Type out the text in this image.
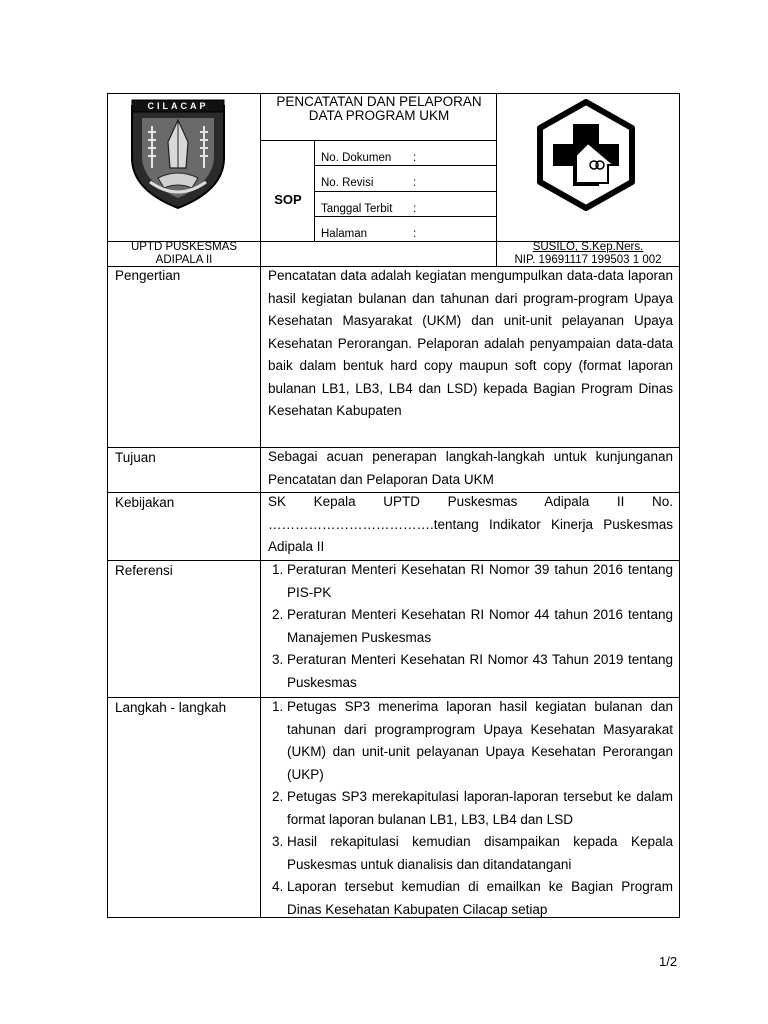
CILACAP	PENCATATAN DAN PELAPORAN DATA PROGRAM UKM
SOP
No. Dokumen :
No. Revisi	:
Tanggal Terbit :
Halaman	:
UPTD PUSKESMAS
ADIPALA II
SUSILO, S.Kep.Ners.
NIP. 19691117 199503 1 002
Pengertian	Pencatatan data adalah kegiatan mengumpulkan data-data laporan hasil kegiatan bulanan dan tahunan dari program-program Upaya Kesehatan Masyarakat (UKM) dan unit-unit pelayanan Upaya Kesehatan Perorangan. Pelaporan adalah penyampaian data-data baik dalam bentuk hard copy maupun soft copy (format laporan bulanan LB1, LB3, LB4 dan LSD) kepada Bagian Program Dinas Kesehatan Kabupaten

Tujuan	Sebagai acuan penerapan langkah-langkah untuk kunjunganan Pencatatan dan Pelaporan Data UKM

Kebijakan	SK Kepala UPTD Puskesmas Adipala II No. ……………………………….tentang Indikator Kinerja Puskesmas Adipala II

Referensi	1. Peraturan Menteri Kesehatan RI Nomor 39 tahun 2016 tentang PIS-PK
2. Peraturan Menteri Kesehatan RI Nomor 44 tahun 2016 tentang Manajemen Puskesmas
3. Peraturan Menteri Kesehatan RI Nomor 43 Tahun 2019 tentang Puskesmas
Langkah - langkah	1. Petugas SP3 menerima laporan hasil kegiatan bulanan dan tahunan dari programprogram Upaya Kesehatan Masyarakat (UKM) dan unit-unit pelayanan Upaya Kesehatan Perorangan (UKP)
2. Petugas SP3 merekapitulasi laporan-laporan tersebut ke dalam format laporan bulanan LB1, LB3, LB4 dan LSD
3. Hasil rekapitulasi kemudian disampaikan kepada Kepala Puskesmas untuk dianalisis dan ditandatangani
4. Laporan tersebut kemudian di emailkan ke Bagian Program Dinas Kesehatan Kabupaten Cilacap setiap
1/2
